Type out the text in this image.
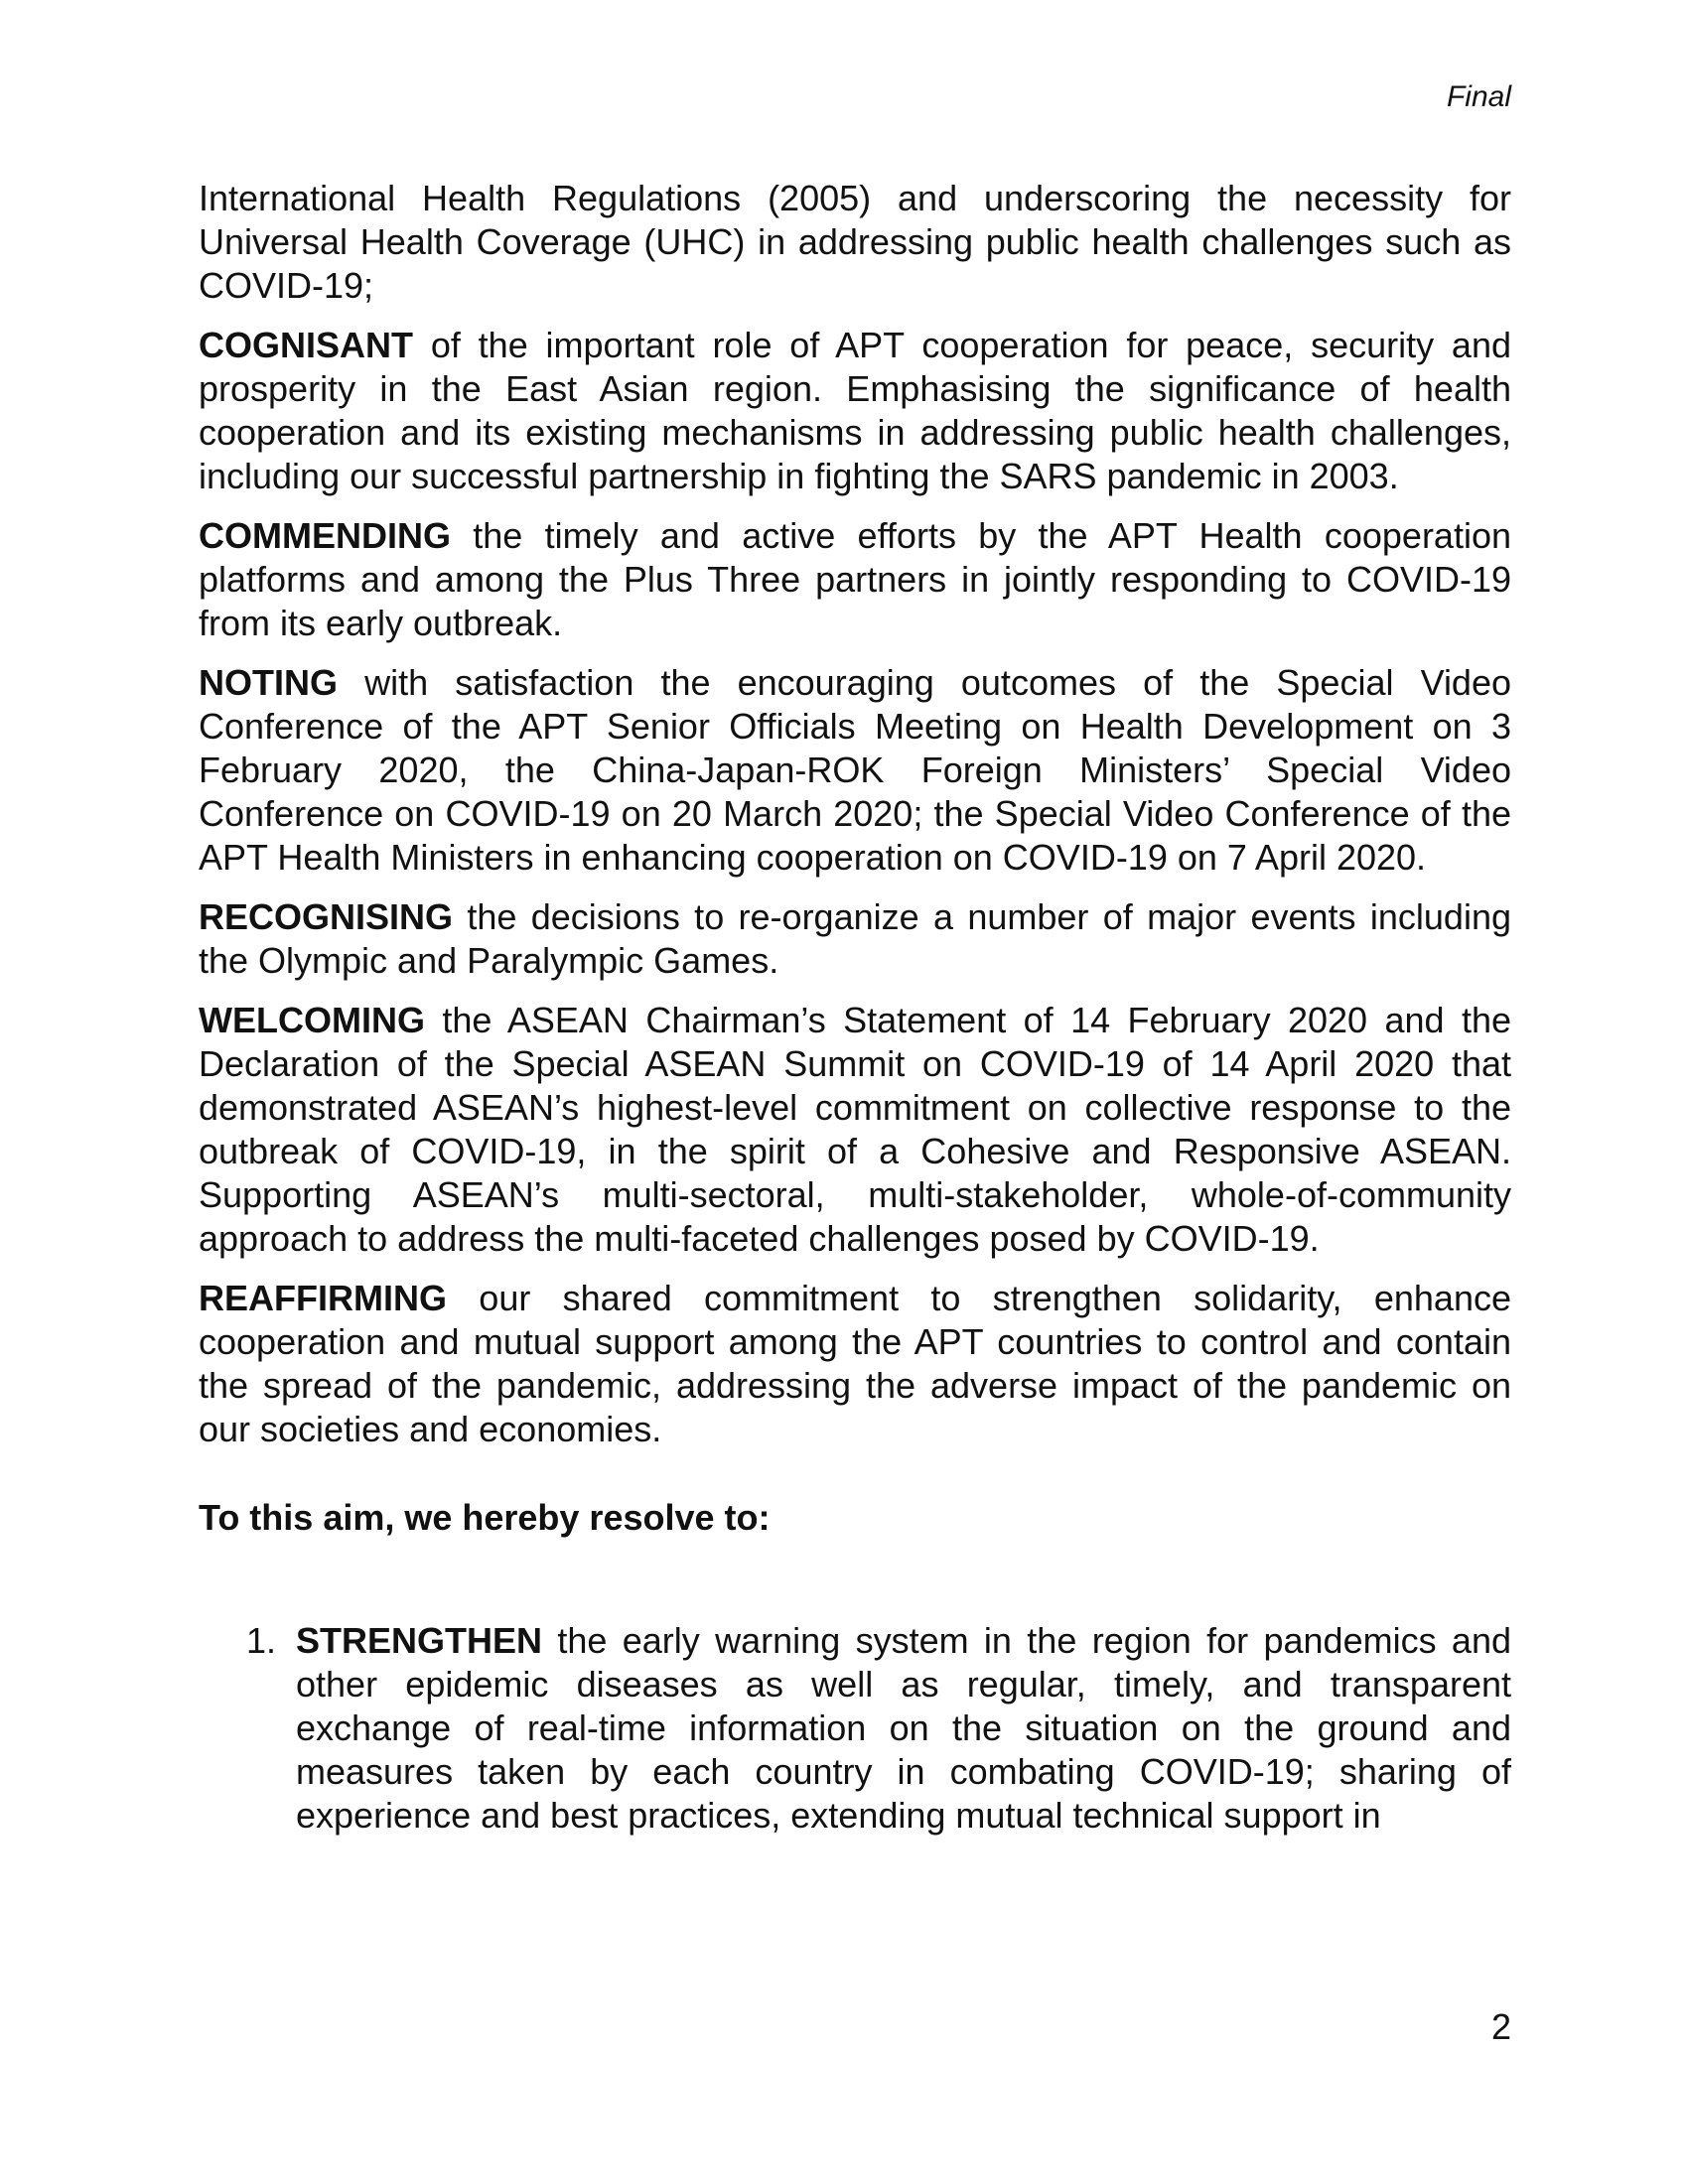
Final

International Health Regulations (2005) and underscoring the necessity for Universal Health Coverage (UHC) in addressing public health challenges such as COVID-19;

COGNISANT of the important role of APT cooperation for peace, security and prosperity in the East Asian region. Emphasising the significance of health cooperation and its existing mechanisms in addressing public health challenges, including our successful partnership in fighting the SARS pandemic in 2003.

COMMENDING the timely and active efforts by the APT Health cooperation platforms and among the Plus Three partners in jointly responding to COVID-19 from its early outbreak.

NOTING with satisfaction the encouraging outcomes of the Special Video Conference of the APT Senior Officials Meeting on Health Development on 3 February 2020, the China-Japan-ROK Foreign Ministers’ Special Video Conference on COVID-19 on 20 March 2020; the Special Video Conference of the APT Health Ministers in enhancing cooperation on COVID-19 on 7 April 2020.

RECOGNISING the decisions to re-organize a number of major events including the Olympic and Paralympic Games.

WELCOMING the ASEAN Chairman’s Statement of 14 February 2020 and the Declaration of the Special ASEAN Summit on COVID-19 of 14 April 2020 that demonstrated ASEAN’s highest-level commitment on collective response to the outbreak of COVID-19, in the spirit of a Cohesive and Responsive ASEAN. Supporting ASEAN’s multi-sectoral, multi-stakeholder, whole-of-community approach to address the multi-faceted challenges posed by COVID-19.

REAFFIRMING our shared commitment to strengthen solidarity, enhance cooperation and mutual support among the APT countries to control and contain the spread of the pandemic, addressing the adverse impact of the pandemic on our societies and economies.

To this aim, we hereby resolve to:

1. STRENGTHEN the early warning system in the region for pandemics and other epidemic diseases as well as regular, timely, and transparent exchange of real-time information on the situation on the ground and measures taken by each country in combating COVID-19; sharing of experience and best practices, extending mutual technical support in
2
